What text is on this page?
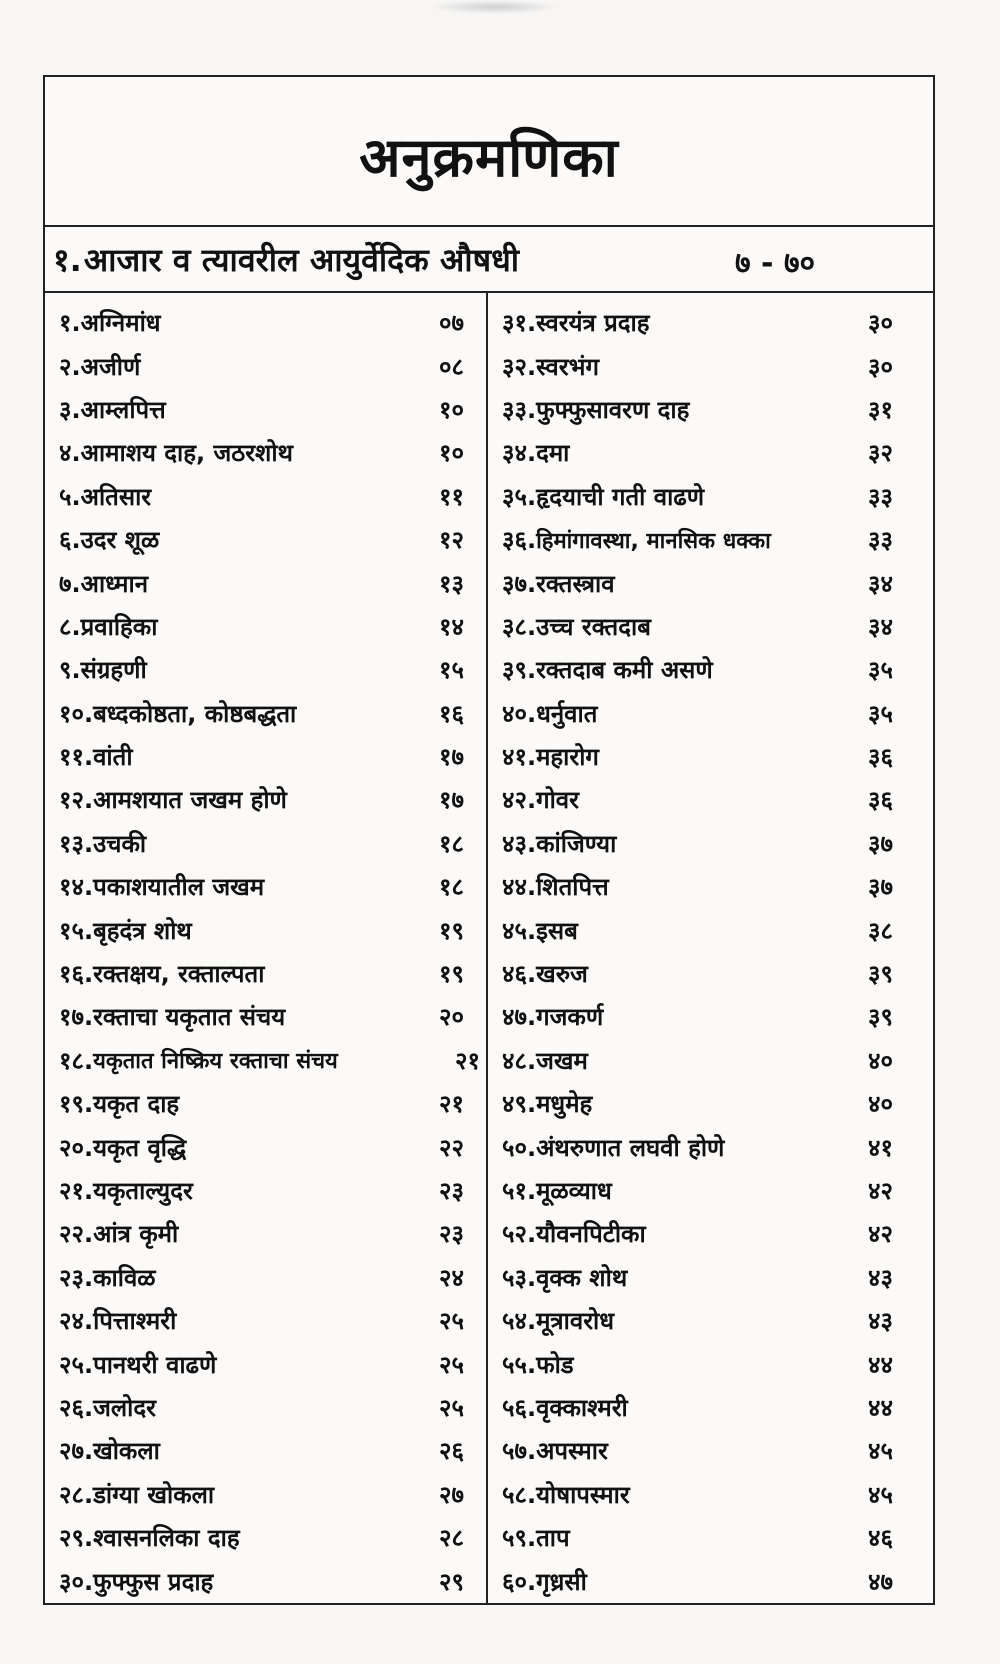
अनुक्रमणिका
१. आजार व त्यावरील आयुर्वेदिक औषधी	७ - ७०
१. अग्निमांध	०७
२. अजीर्ण	०८
३. आम्लपित्त	१०
४. आमाशय दाह, जठरशोथ	१०
५. अतिसार	११
६. उदर शूळ	१२
७. आध्मान	१३
८. प्रवाहिका	१४
९. संग्रहणी	१५
१०. बध्दकोष्ठता, कोष्ठबद्धता	१६
११. वांती	१७
१२. आमशयात जखम होणे	१७
१३. उचकी	१८
१४. पकाशयातील जखम	१८
१५. बृहदंत्र शोथ	१९
१६. रक्तक्षय, रक्ताल्पता	१९
१७. रक्ताचा यकृतात संचय	२०
१८. यकृतात निष्क्रिय रक्ताचा संचय	२१
१९. यकृत दाह	२१
२०. यकृत वृद्धि	२२
२१. यकृताल्युदर	२३
२२. आंत्र कृमी	२३
२३. काविळ	२४
२४. पित्ताश्मरी	२५
२५. पानथरी वाढणे	२५
२६. जलोदर	२५
२७. खोकला	२६
२८. डांग्या खोकला	२७
२९. श्वासनलिका दाह	२८
३०. फुफ्फुस प्रदाह	२९
३१. स्वरयंत्र प्रदाह	३०
३२. स्वरभंग	३०
३३. फुफ्फुसावरण दाह	३१
३४. दमा	३२
३५. हृदयाची गती वाढणे	३३
३६. हिमांगावस्था, मानसिक धक्का	३३
३७. रक्तस्त्राव	३४
३८. उच्च रक्तदाब	३४
३९. रक्तदाब कमी असणे	३५
४०. धर्नुवात	३५
४१. महारोग	३६
४२. गोवर	३६
४३. कांजिण्या	३७
४४. शितपित्त	३७
४५. इसब	३८
४६. खरुज	३९
४७. गजकर्ण	३९
४८. जखम	४०
४९. मधुमेह	४०
५०. अंथरुणात लघवी होणे	४१
५१. मूळव्याध	४२
५२. यौवनपिटीका	४२
५३. वृक्क शोथ	४३
५४. मूत्रावरोध	४३
५५. फोड	४४
५६. वृक्काश्मरी	४४
५७. अपस्मार	४५
५८. योषापस्मार	४५
५९. ताप	४६
६०. गृध्रसी	४७
